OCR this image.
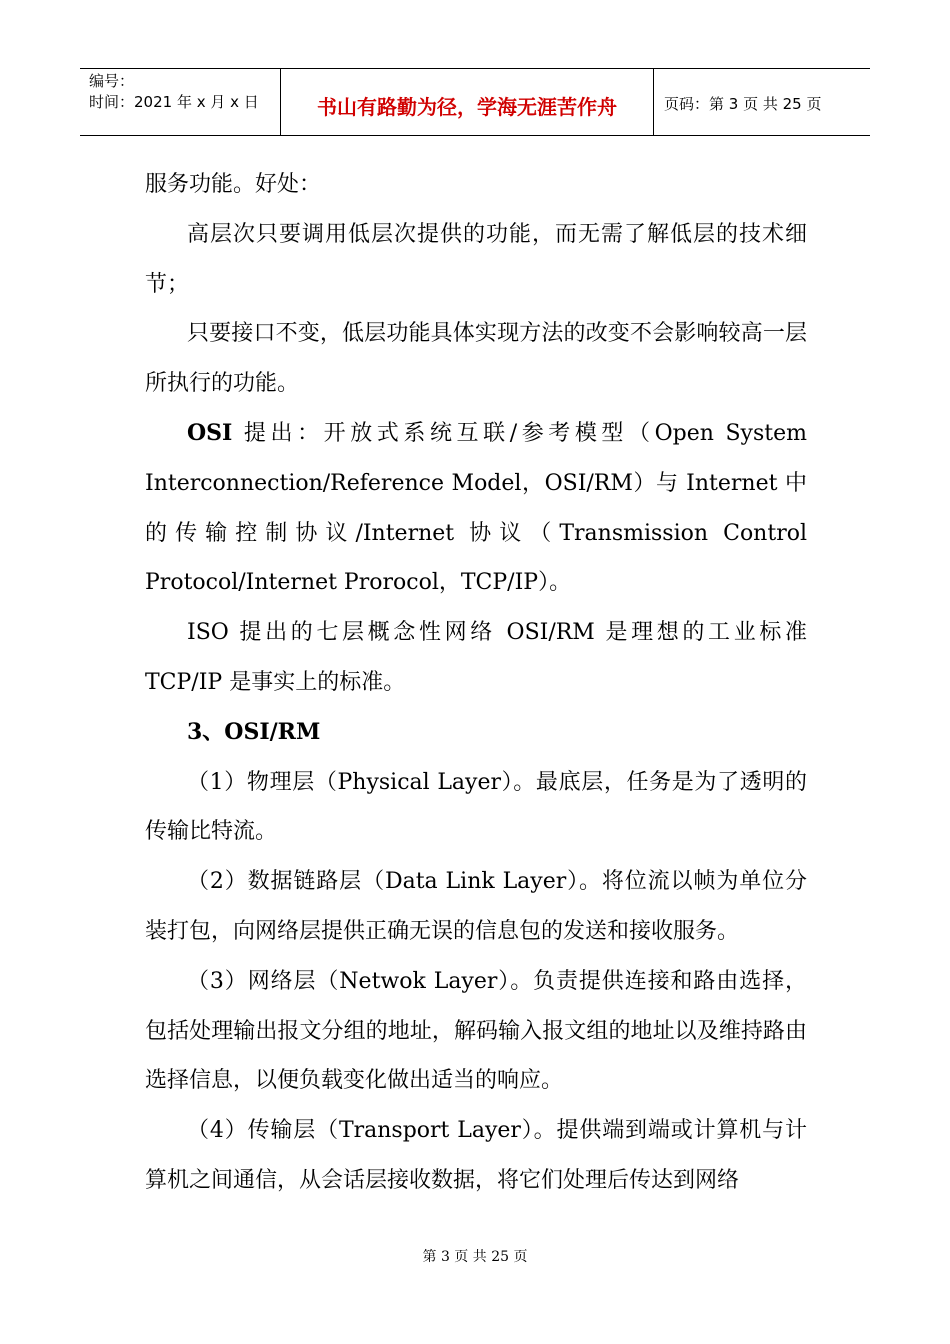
编号：
时间：2021 年 x 月 x 日	书山有路勤为径，学海无涯苦作舟	页码：第 3 页 共 25 页

服务功能。好处：

高层次只要调用低层次提供的功能，而无需了解低层的技术细节；

只要接口不变，低层功能具体实现方法的改变不会影响较高一层所执行的功能。

OSI 提出：开放式系统互联/参考模型（Open System Interconnection/Reference Model，OSI/RM）与 Internet 中的传输控制协议/Internet 协议（Transmission Control Protocol/Internet Prorocol，TCP/IP）。

ISO 提出的七层概念性网络 OSI/RM 是理想的工业标准TCP/IP 是事实上的标准。

3、OSI/RM

（1）物理层（Physical Layer）。最底层，任务是为了透明的传输比特流。

（2）数据链路层（Data Link Layer）。将位流以帧为单位分装打包，向网络层提供正确无误的信息包的发送和接收服务。

（3）网络层（Netwok Layer）。负责提供连接和路由选择，包括处理输出报文分组的地址，解码输入报文组的地址以及维持路由选择信息，以便负载变化做出适当的响应。

（4）传输层（Transport Layer）。提供端到端或计算机与计算机之间通信，从会话层接收数据，将它们处理后传达到网络

第 3 页 共 25 页
